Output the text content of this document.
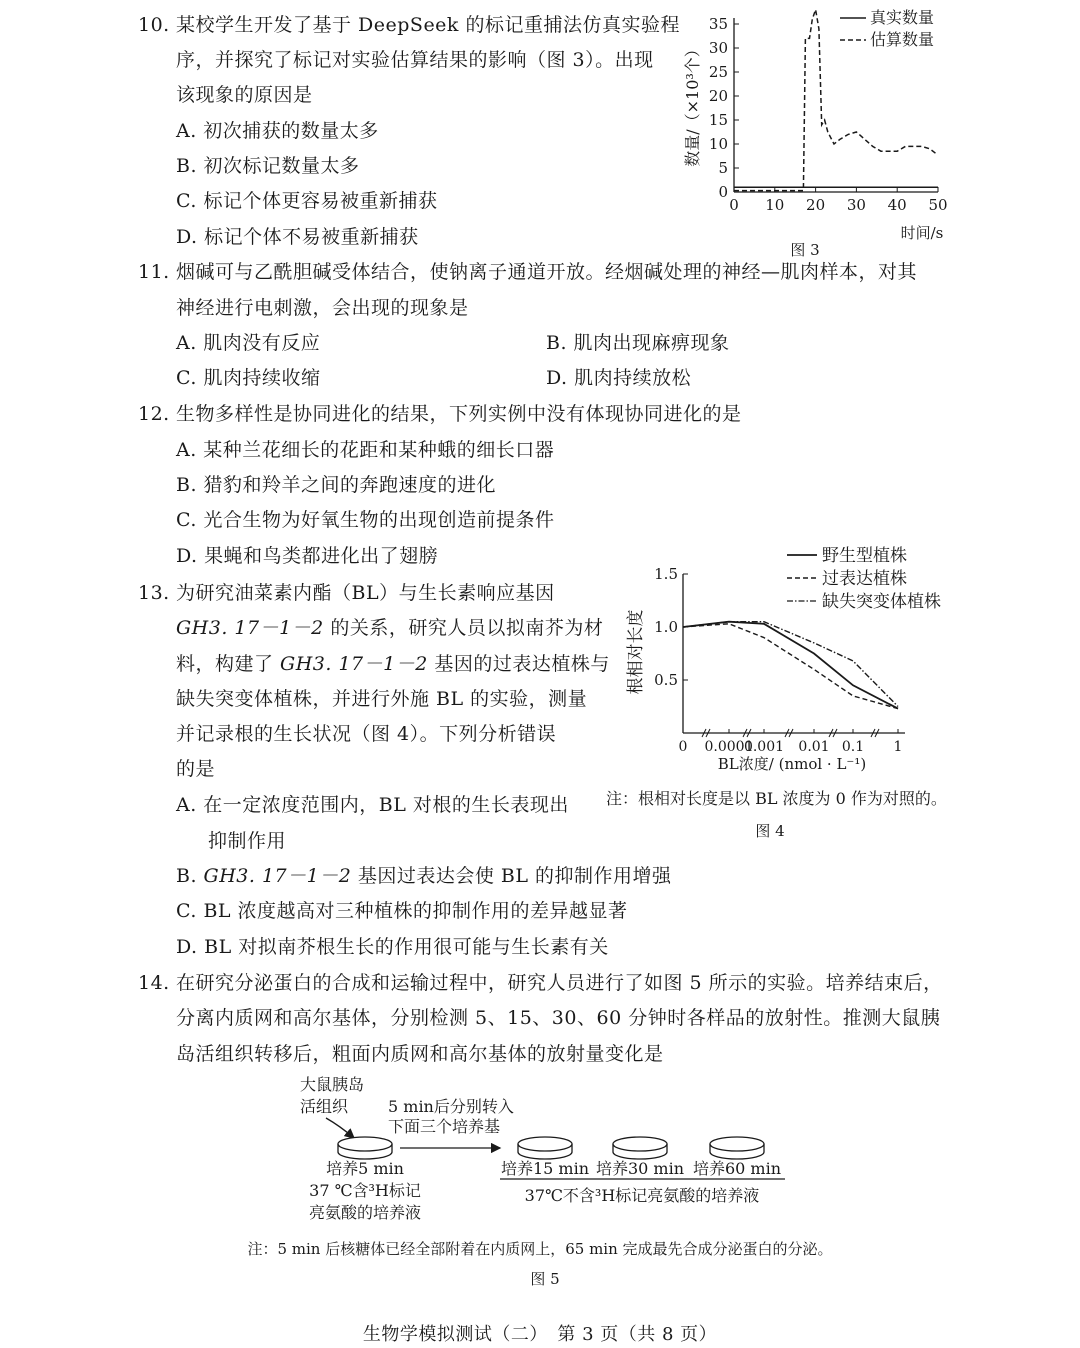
10. 某校学生开发了基于 DeepSeek 的标记重捕法仿真实验程
序，并探究了标记对实验估算结果的影响（图 3）。出现
该现象的原因是
A. 初次捕获的数量太多
B. 初次标记数量太多
C. 标记个体更容易被重新捕获
D. 标记个体不易被重新捕获
0
5
10
15
20
25
30
35
0 10 20 30 40 50
数量/（×10³个）
时间/s
图 3
真实数量
估算数量
11. 烟碱可与乙酰胆碱受体结合，使钠离子通道开放。经烟碱处理的神经—肌肉样本，对其
神经进行电刺激，会出现的现象是
A. 肌肉没有反应	B. 肌肉出现麻痹现象
C. 肌肉持续收缩	D. 肌肉持续放松
12. 生物多样性是协同进化的结果，下列实例中没有体现协同进化的是
A. 某种兰花细长的花距和某种蛾的细长口器
B. 猎豹和羚羊之间的奔跑速度的进化
C. 光合生物为好氧生物的出现创造前提条件
D. 果蝇和鸟类都进化出了翅膀
13. 为研究油菜素内酯（BL）与生长素响应基因
GH3. 17－1－2 的关系，研究人员以拟南芥为材
料，构建了 GH3. 17－1－2 基因的过表达植株与
缺失突变体植株，并进行外施 BL 的实验，测量
并记录根的生长状况（图 4）。下列分析错误
的是
A. 在一定浓度范围内，BL 对根的生长表现出
抑制作用
B. GH3. 17－1－2 基因过表达会使 BL 的抑制作用增强
C. BL 浓度越高对三种植株的抑制作用的差异越显著
D. BL 对拟南芥根生长的作用很可能与生长素有关
0.5
1.0
1.5
0 0.0001
0.001 0.01 0.1 1
根相对长度
BL浓度/ (nmol · L⁻¹)
野生型植株
过表达植株
缺失突变体植株
注：根相对长度是以 BL 浓度为 0 作为对照的。
图 4
14. 在研究分泌蛋白的合成和运输过程中，研究人员进行了如图 5 所示的实验。培养结束后，
分离内质网和高尔基体，分别检测 5、15、30、60 分钟时各样品的放射性。推测大鼠胰
岛活组织转移后，粗面内质网和高尔基体的放射量变化是
大鼠胰岛
活组织 5 min后分别转入
下面三个培养基
培养5 min
37 ℃含³H标记
亮氨酸的培养液
培养15 min 培养30 min 培养60 min
37℃不含³H标记亮氨酸的培养液
注：5 min 后核糖体已经全部附着在内质网上，65 min 完成最先合成分泌蛋白的分泌。
图 5
生物学模拟测试（二）　第 3 页（共 8 页）
